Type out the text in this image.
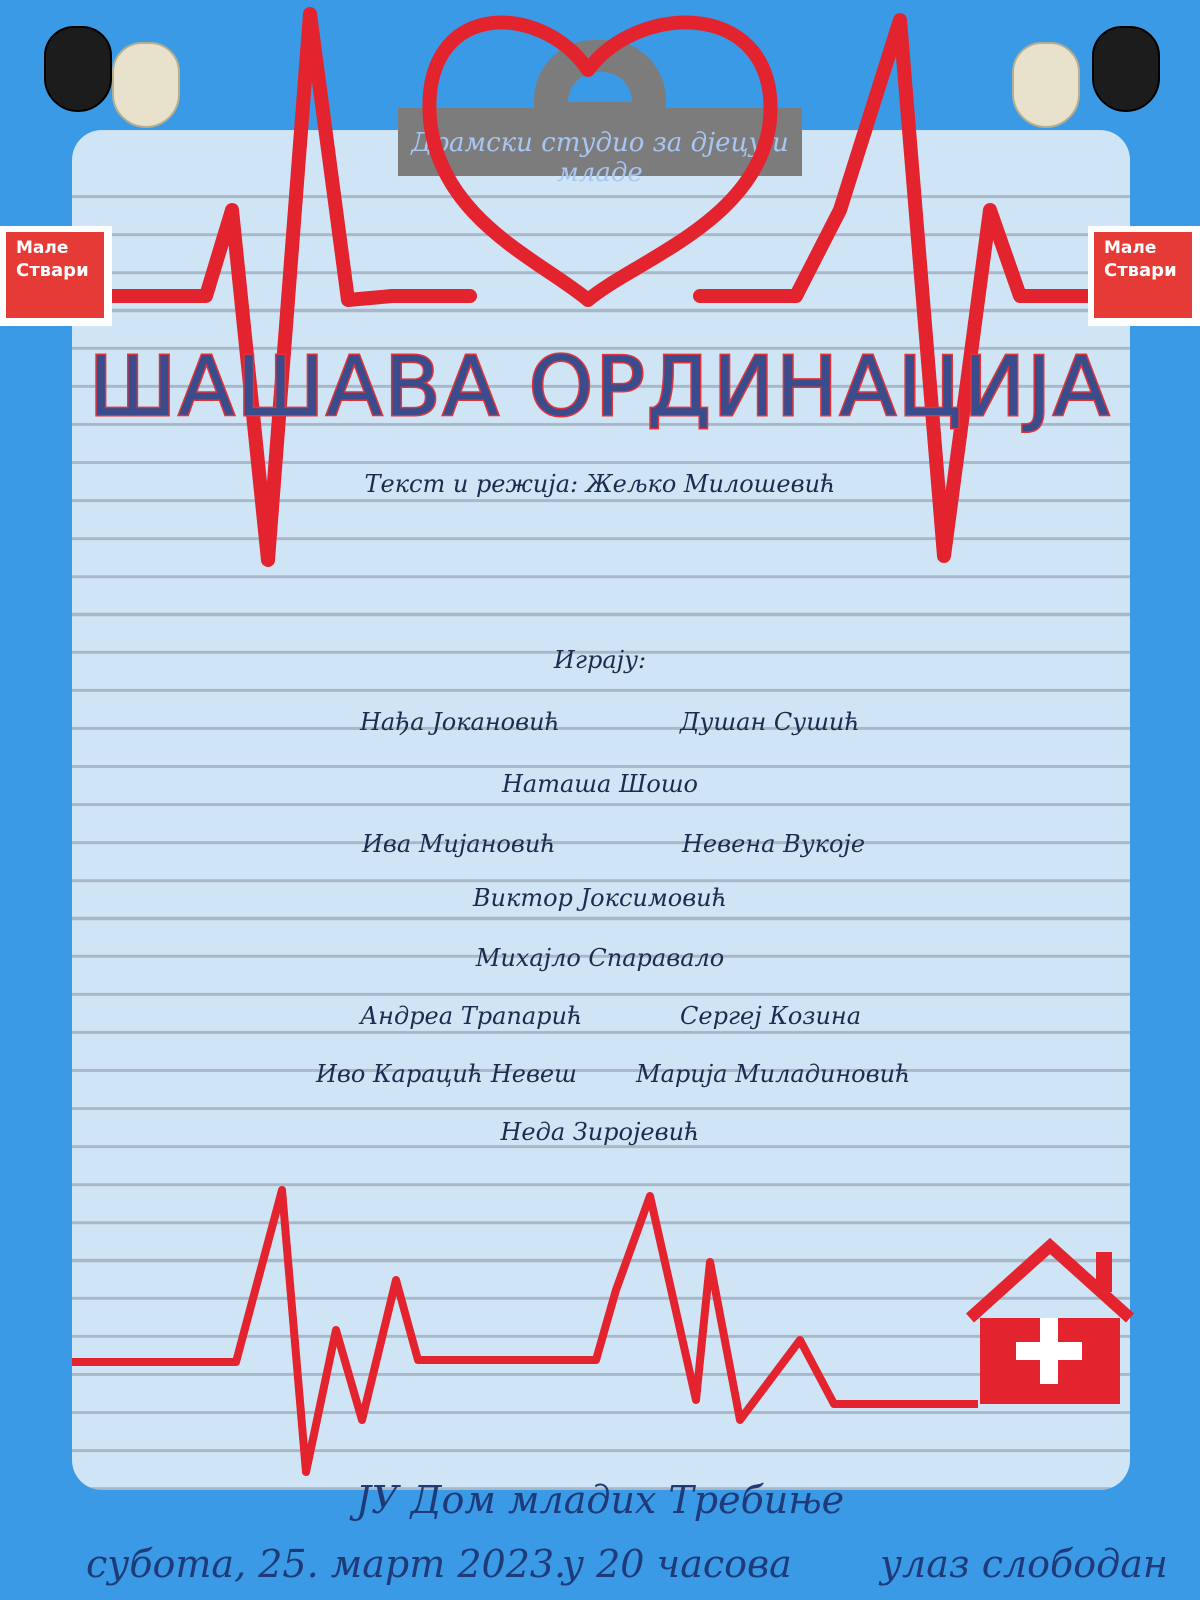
Драмски студио за дјецу и младе
Мале
Ствари
Мале
Ствари
ШАШАВА ОРДИНАЦИЈА
Текст и режија: Жељко Милошевић
Играју:
Нађа Јокановић	Душан Сушић
Наташа Шошо
Ива Мијановић	Невена Вукоје
Виктор Јоксимовић
Михајло Спаравало
Андреа Трапарић	Сергеј Козина
Иво Карацић Невеш Марија Миладиновић
Неда Зиројевић
ЈУ Дом младих Требиње
субота, 25. март 2023.
у 20 часова улаз слободан
